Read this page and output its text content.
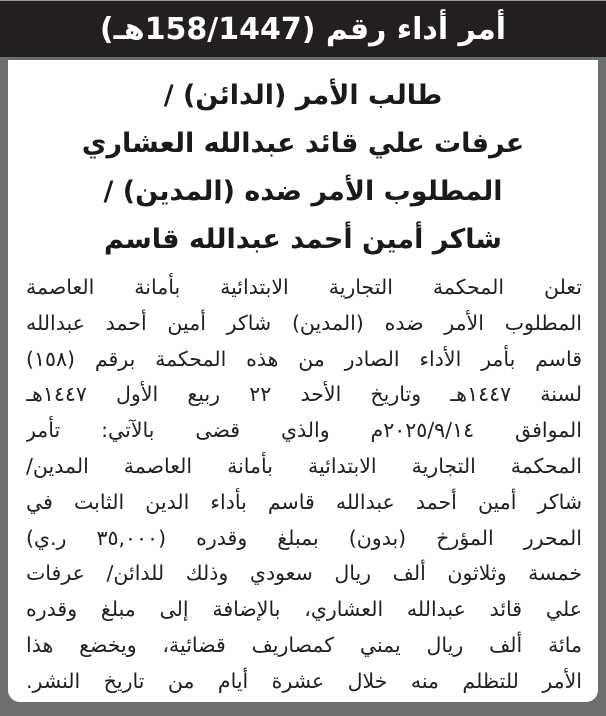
أمر أداء رقم (158/1447هـ)
طالب الأمر (الدائن) /
عرفات علي قائد عبدالله العشاري
المطلوب الأمر ضده (المدين) /
شاكر أمين أحمد عبدالله قاسم
تعلن المحكمة التجارية الابتدائية بأمانة العاصمة
المطلوب الأمر ضده (المدين) شاكر أمين أحمد عبدالله
قاسم بأمر الأداء الصادر من هذه المحكمة برقم (١٥٨)
لسنة ١٤٤٧هـ وتاريخ الأحد ٢٢ ربيع الأول ١٤٤٧هـ
الموافق ٢٠٢٥/٩/١٤م والذي قضى بالآتي: تأمر
المحكمة التجارية الابتدائية بأمانة العاصمة المدين/
شاكر أمين أحمد عبدالله قاسم بأداء الدين الثابت في
المحرر المؤرخ (بدون) بمبلغ وقدره (٣٥,٠٠٠ ر.ي)
خمسة وثلاثون ألف ريال سعودي وذلك للدائن/ عرفات
علي قائد عبدالله العشاري، بالإضافة إلى مبلغ وقدره
مائة ألف ريال يمني كمصاريف قضائية، ويخضع هذا
الأمر للتظلم منه خلال عشرة أيام من تاريخ النشر.
